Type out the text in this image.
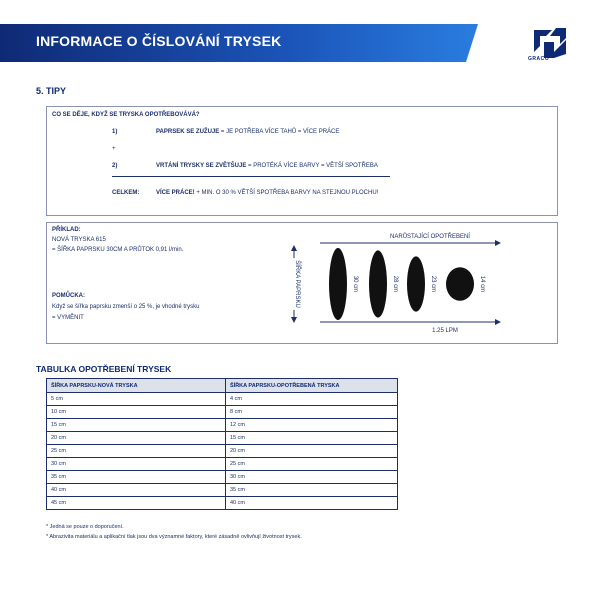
INFORMACE O ČÍSLOVÁNÍ TRYSEK
GRACO
5. TIPY
CO SE DĚJE, KDYŽ SE TRYSKA OPOTŘEBOVÁVÁ?
1)	PAPRSEK SE ZUŽUJE = JE POTŘEBA VÍCE TAHŮ = VÍCE PRÁCE
+
2)	VRTÁNÍ TRYSKY SE ZVĚTŠUJE = PROTÉKÁ VÍCE BARVY = VĚTŠÍ SPOTŘEBA
CELKEM:	VÍCE PRÁCE! + MIN. O 30 % VĚTŠÍ SPOTŘEBA BARVY NA STEJNOU PLOCHU!
PŘÍKLAD:
NOVÁ TRYSKA 615
= ŠÍŘKA PAPRSKU 30CM A PRŮTOK 0,91 l/min.
POMŮCKA:
Když se šířka paprsku zmenší o 25 %, je vhodné trysku
= VYMĚNIT
NARŮSTAJÍCÍ OPOTŘEBENÍ
ŠÍŘKA PAPRSKU	30 cm	28 cm	23 cm	14 cm
1.25 LPM
TABULKA OPOTŘEBENÍ TRYSEK
ŠÍŘKA PAPRSKU-NOVÁ TRYSKA	ŠÍŘKA PAPRSKU-OPOTŘEBENÁ TRYSKA
5 cm	4 cm
10 cm	8 cm
15 cm	12 cm
20 cm	15 cm
25 cm	20 cm
30 cm	25 cm
35 cm	30 cm
40 cm	35 cm
45 cm	40 cm
* Jedná se pouze o doporučení.
* Abrazivita materiálu a aplikační tlak jsou dva významné faktory, které zásadně ovlivňují životnost trysek.
